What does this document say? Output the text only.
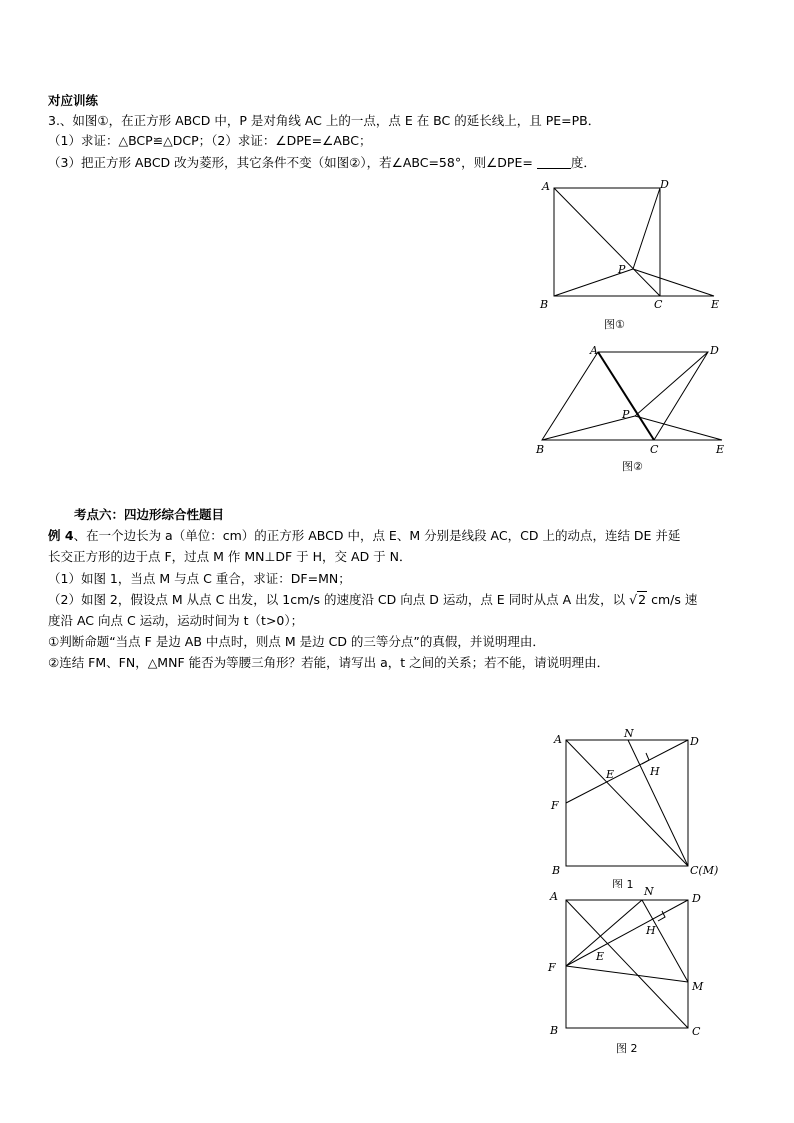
对应训练
3.、如图①，在正方形 ABCD 中，P 是对角线 AC 上的一点，点 E 在 BC 的延长线上，且 PE=PB．
（1）求证：△BCP≌△DCP；（2）求证：∠DPE=∠ABC；
（3）把正方形 ABCD 改为菱形，其它条件不变（如图②），若∠ABC=58°，则∠DPE=	度．
A	D
B	C	E
P
图①
A	D
B	C	E
P
图②
考点六：四边形综合性题目
例 4、在一个边长为 a（单位：cm）的正方形 ABCD 中，点 E、M 分别是线段 AC，CD 上的动点，连结 DE 并延
长交正方形的边于点 F，过点 M 作 MN⊥DF 于 H，交 AD 于 N．
（1）如图 1，当点 M 与点 C 重合，求证：DF=MN；
（2）如图 2，假设点 M 从点 C 出发，以 1cm/s 的速度沿 CD 向点 D 运动，点 E 同时从点 A 出发，以 √2 cm/s 速
度沿 AC 向点 C 运动，运动时间为 t（t>0）；
①判断命题“当点 F 是边 AB 中点时，则点 M 是边 CD 的三等分点”的真假，并说明理由．
②连结 FM、FN，△MNF 能否为等腰三角形？若能，请写出 a，t 之间的关系；若不能，请说明理由．
A	N
D
E	H
F
B	C(M)
图 1
A	N
D
H
E
F
M
B	C
图 2
